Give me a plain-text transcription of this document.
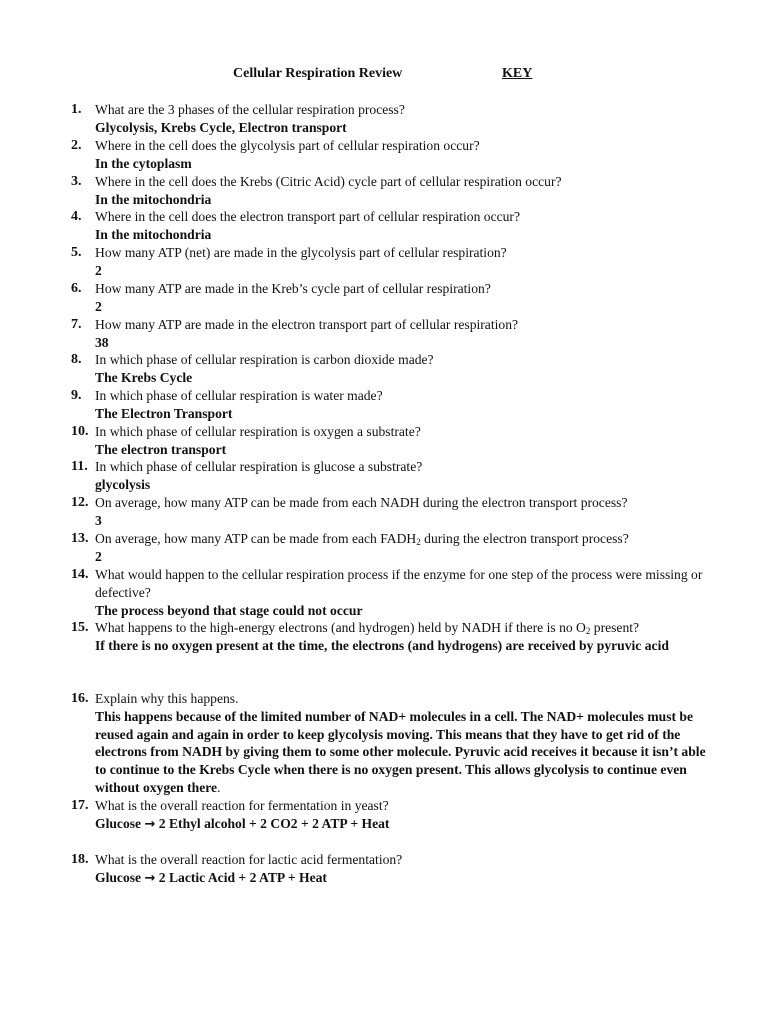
Cellular Respiration Review	KEY
1. What are the 3 phases of the cellular respiration process?
Glycolysis, Krebs Cycle, Electron transport
2. Where in the cell does the glycolysis part of cellular respiration occur?
In the cytoplasm
3. Where in the cell does the Krebs (Citric Acid) cycle part of cellular respiration occur?
In the mitochondria
4. Where in the cell does the electron transport part of cellular respiration occur?
In the mitochondria
5. How many ATP (net) are made in the glycolysis part of cellular respiration?
2
6. How many ATP are made in the Kreb’s cycle part of cellular respiration?
2
7. How many ATP are made in the electron transport part of cellular respiration?
38
8. In which phase of cellular respiration is carbon dioxide made?
The Krebs Cycle
9. In which phase of cellular respiration is water made?
The Electron Transport
10. In which phase of cellular respiration is oxygen a substrate?
The electron transport
11. In which phase of cellular respiration is glucose a substrate?
glycolysis
12. On average, how many ATP can be made from each NADH during the electron transport process?
3
13. On average, how many ATP can be made from each $FADH_2$ during the electron transport process?
2
14. What would happen to the cellular respiration process if the enzyme for one step of the process were missing or defective?
The process beyond that stage could not occur
15. What happens to the high-energy electrons (and hydrogen) held by NADH if there is no $O_2$ present?
If there is no oxygen present at the time, the electrons (and hydrogens) are received by pyruvic acid
16. Explain why this happens.
This happens because of the limited number of NAD+ molecules in a cell. The NAD+ molecules must be reused again and again in order to keep glycolysis moving. This means that they have to get rid of the electrons from NADH by giving them to some other molecule. Pyruvic acid receives it because it isn’t able to continue to the Krebs Cycle when there is no oxygen present. This allows glycolysis to continue even without oxygen there.
17. What is the overall reaction for fermentation in yeast?
Glucose → 2 Ethyl alcohol + 2 CO2 + 2 ATP + Heat
18. What is the overall reaction for lactic acid fermentation?
Glucose → 2 Lactic Acid + 2 ATP + Heat
